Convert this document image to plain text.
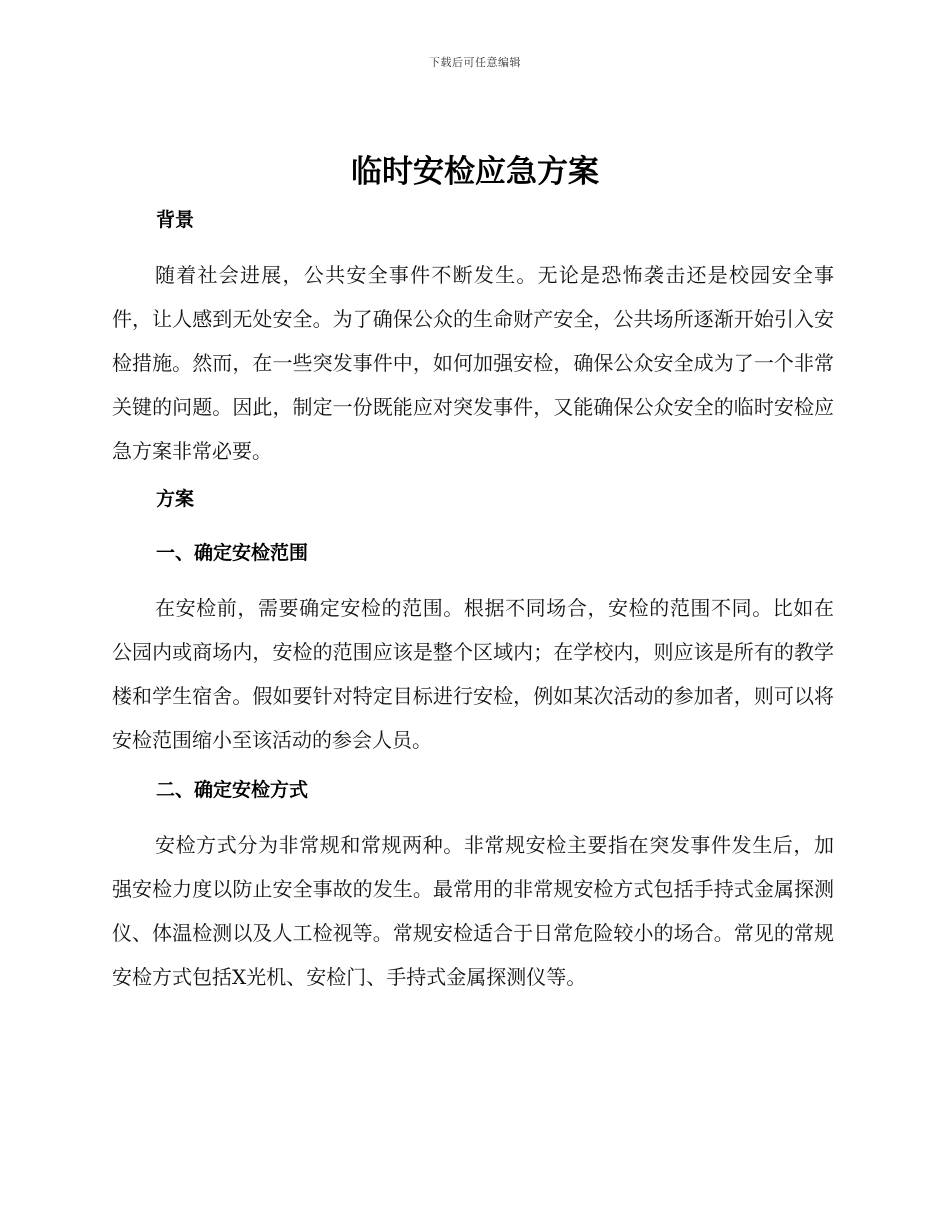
下载后可任意编辑
临时安检应急方案
背景

随着社会进展，公共安全事件不断发生。无论是恐怖袭击还是校园安全事件，让人感到无处安全。为了确保公众的生命财产安全，公共场所逐渐开始引入安检措施。然而，在一些突发事件中，如何加强安检，确保公众安全成为了一个非常关键的问题。因此，制定一份既能应对突发事件，又能确保公众安全的临时安检应急方案非常必要。

方案
一、确定安检范围

在安检前，需要确定安检的范围。根据不同场合，安检的范围不同。比如在公园内或商场内，安检的范围应该是整个区域内；在学校内，则应该是所有的教学楼和学生宿舍。假如要针对特定目标进行安检，例如某次活动的参加者，则可以将安检范围缩小至该活动的参会人员。

二、确定安检方式

安检方式分为非常规和常规两种。非常规安检主要指在突发事件发生后，加强安检力度以防止安全事故的发生。最常用的非常规安检方式包括手持式金属探测仪、体温检测以及人工检视等。常规安检适合于日常危险较小的场合。常见的常规安检方式包括X光机、安检门、手持式金属探测仪等。
